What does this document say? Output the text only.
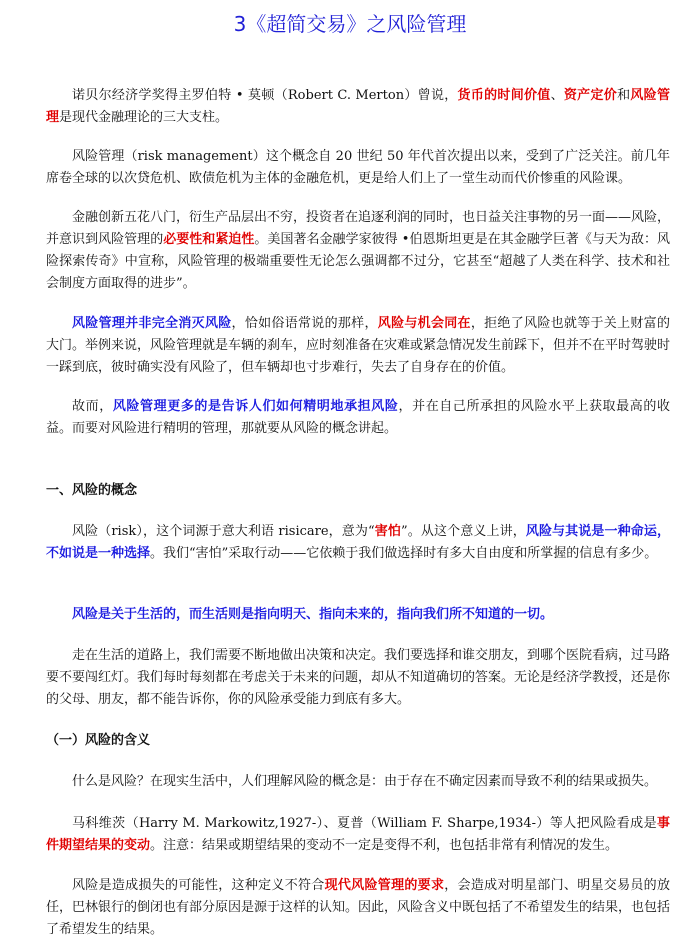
3《超简交易》之风险管理

诺贝尔经济学奖得主罗伯特 • 莫顿（Robert C. Merton）曾说，货币的时间价值、资产定价和风险管理是现代金融理论的三大支柱。

风险管理（risk management）这个概念自 20 世纪 50 年代首次提出以来，受到了广泛关注。前几年席卷全球的以次贷危机、欧债危机为主体的金融危机，更是给人们上了一堂生动而代价惨重的风险课。

金融创新五花八门，衍生产品层出不穷，投资者在追逐利润的同时，也日益关注事物的另一面——风险，并意识到风险管理的必要性和紧迫性。美国著名金融学家彼得 •伯恩斯坦更是在其金融学巨著《与天为敌：风险探索传奇》中宣称，风险管理的极端重要性无论怎么强调都不过分，它甚至“超越了人类在科学、技术和社会制度方面取得的进步”。

风险管理并非完全消灭风险，恰如俗语常说的那样，风险与机会同在，拒绝了风险也就等于关上财富的大门。举例来说，风险管理就是车辆的刹车，应时刻准备在灾难或紧急情况发生前踩下，但并不在平时驾驶时一踩到底，彼时确实没有风险了，但车辆却也寸步难行，失去了自身存在的价值。

故而，风险管理更多的是告诉人们如何精明地承担风险，并在自己所承担的风险水平上获取最高的收益。而要对风险进行精明的管理，那就要从风险的概念讲起。

一、风险的概念

风险（risk），这个词源于意大利语 risicare，意为“害怕”。从这个意义上讲，风险与其说是一种命运，不如说是一种选择。我们“害怕”采取行动——它依赖于我们做选择时有多大自由度和所掌握的信息有多少。

风险是关于生活的，而生活则是指向明天、指向未来的，指向我们所不知道的一切。

走在生活的道路上，我们需要不断地做出决策和决定。我们要选择和谁交朋友，到哪个医院看病，过马路要不要闯红灯。我们每时每刻都在考虑关于未来的问题，却从不知道确切的答案。无论是经济学教授，还是你的父母、朋友，都不能告诉你，你的风险承受能力到底有多大。

（一）风险的含义

什么是风险？在现实生活中，人们理解风险的概念是：由于存在不确定因素而导致不利的结果或损失。

马科维茨（Harry M. Markowitz,1927-）、夏普（William F. Sharpe,1934-）等人把风险看成是事件期望结果的变动。注意：结果或期望结果的变动不一定是变得不利，也包括非常有利情况的发生。

风险是造成损失的可能性，这种定义不符合现代风险管理的要求，会造成对明星部门、明星交易员的放任，巴林银行的倒闭也有部分原因是源于这样的认知。因此，风险含义中既包括了不希望发生的结果，也包括了希望发生的结果。
